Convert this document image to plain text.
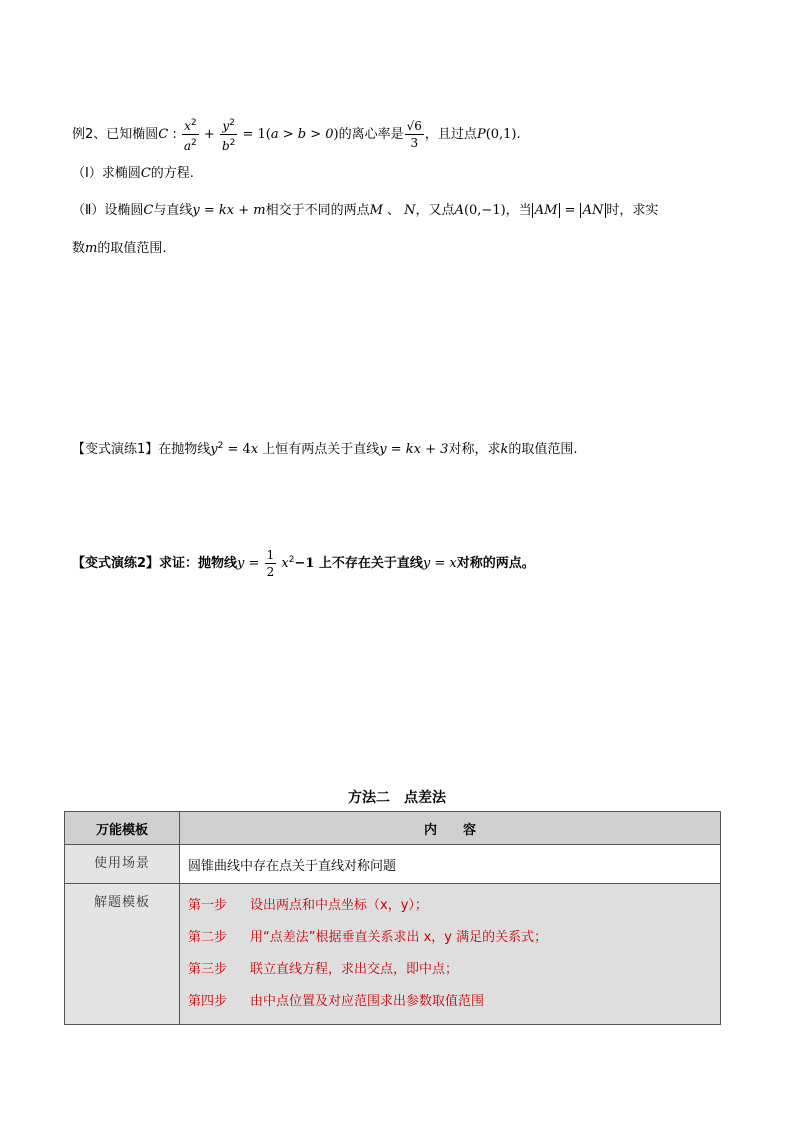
例2、已知椭圆C : $\frac{x^2}{a^2} + \frac{y^2}{b^2} = 1(a > b > 0)$的离心率是 $\frac{√6}{3}$ ，且过点P(0,1).
（Ⅰ）求椭圆C的方程.
（Ⅱ）设椭圆C与直线y = kx + m相交于不同的两点M 、 N，又点A(0,−1)，当 AM = AN 时，求实
数m的取值范围.
【变式演练1】在抛物线$y^2 = 4x$ 上恒有两点关于直线y = kx + 3对称，求k的取值范围.
【变式演练2】求证：抛物线$y = \frac{1}{2} x^2-1$ 上不存在关于直线y = x对称的两点。
方法二　点差法
万能模板	内　　容
使用场景	圆锥曲线中存在点关于直线对称问题
解题模板	第一步 设出两点和中点坐标（x，y）；
第二步 用“点差法”根据垂直关系求出 x，y 满足的关系式；
第三步 联立直线方程，求出交点，即中点；
第四步 由中点位置及对应范围求出参数取值范围
